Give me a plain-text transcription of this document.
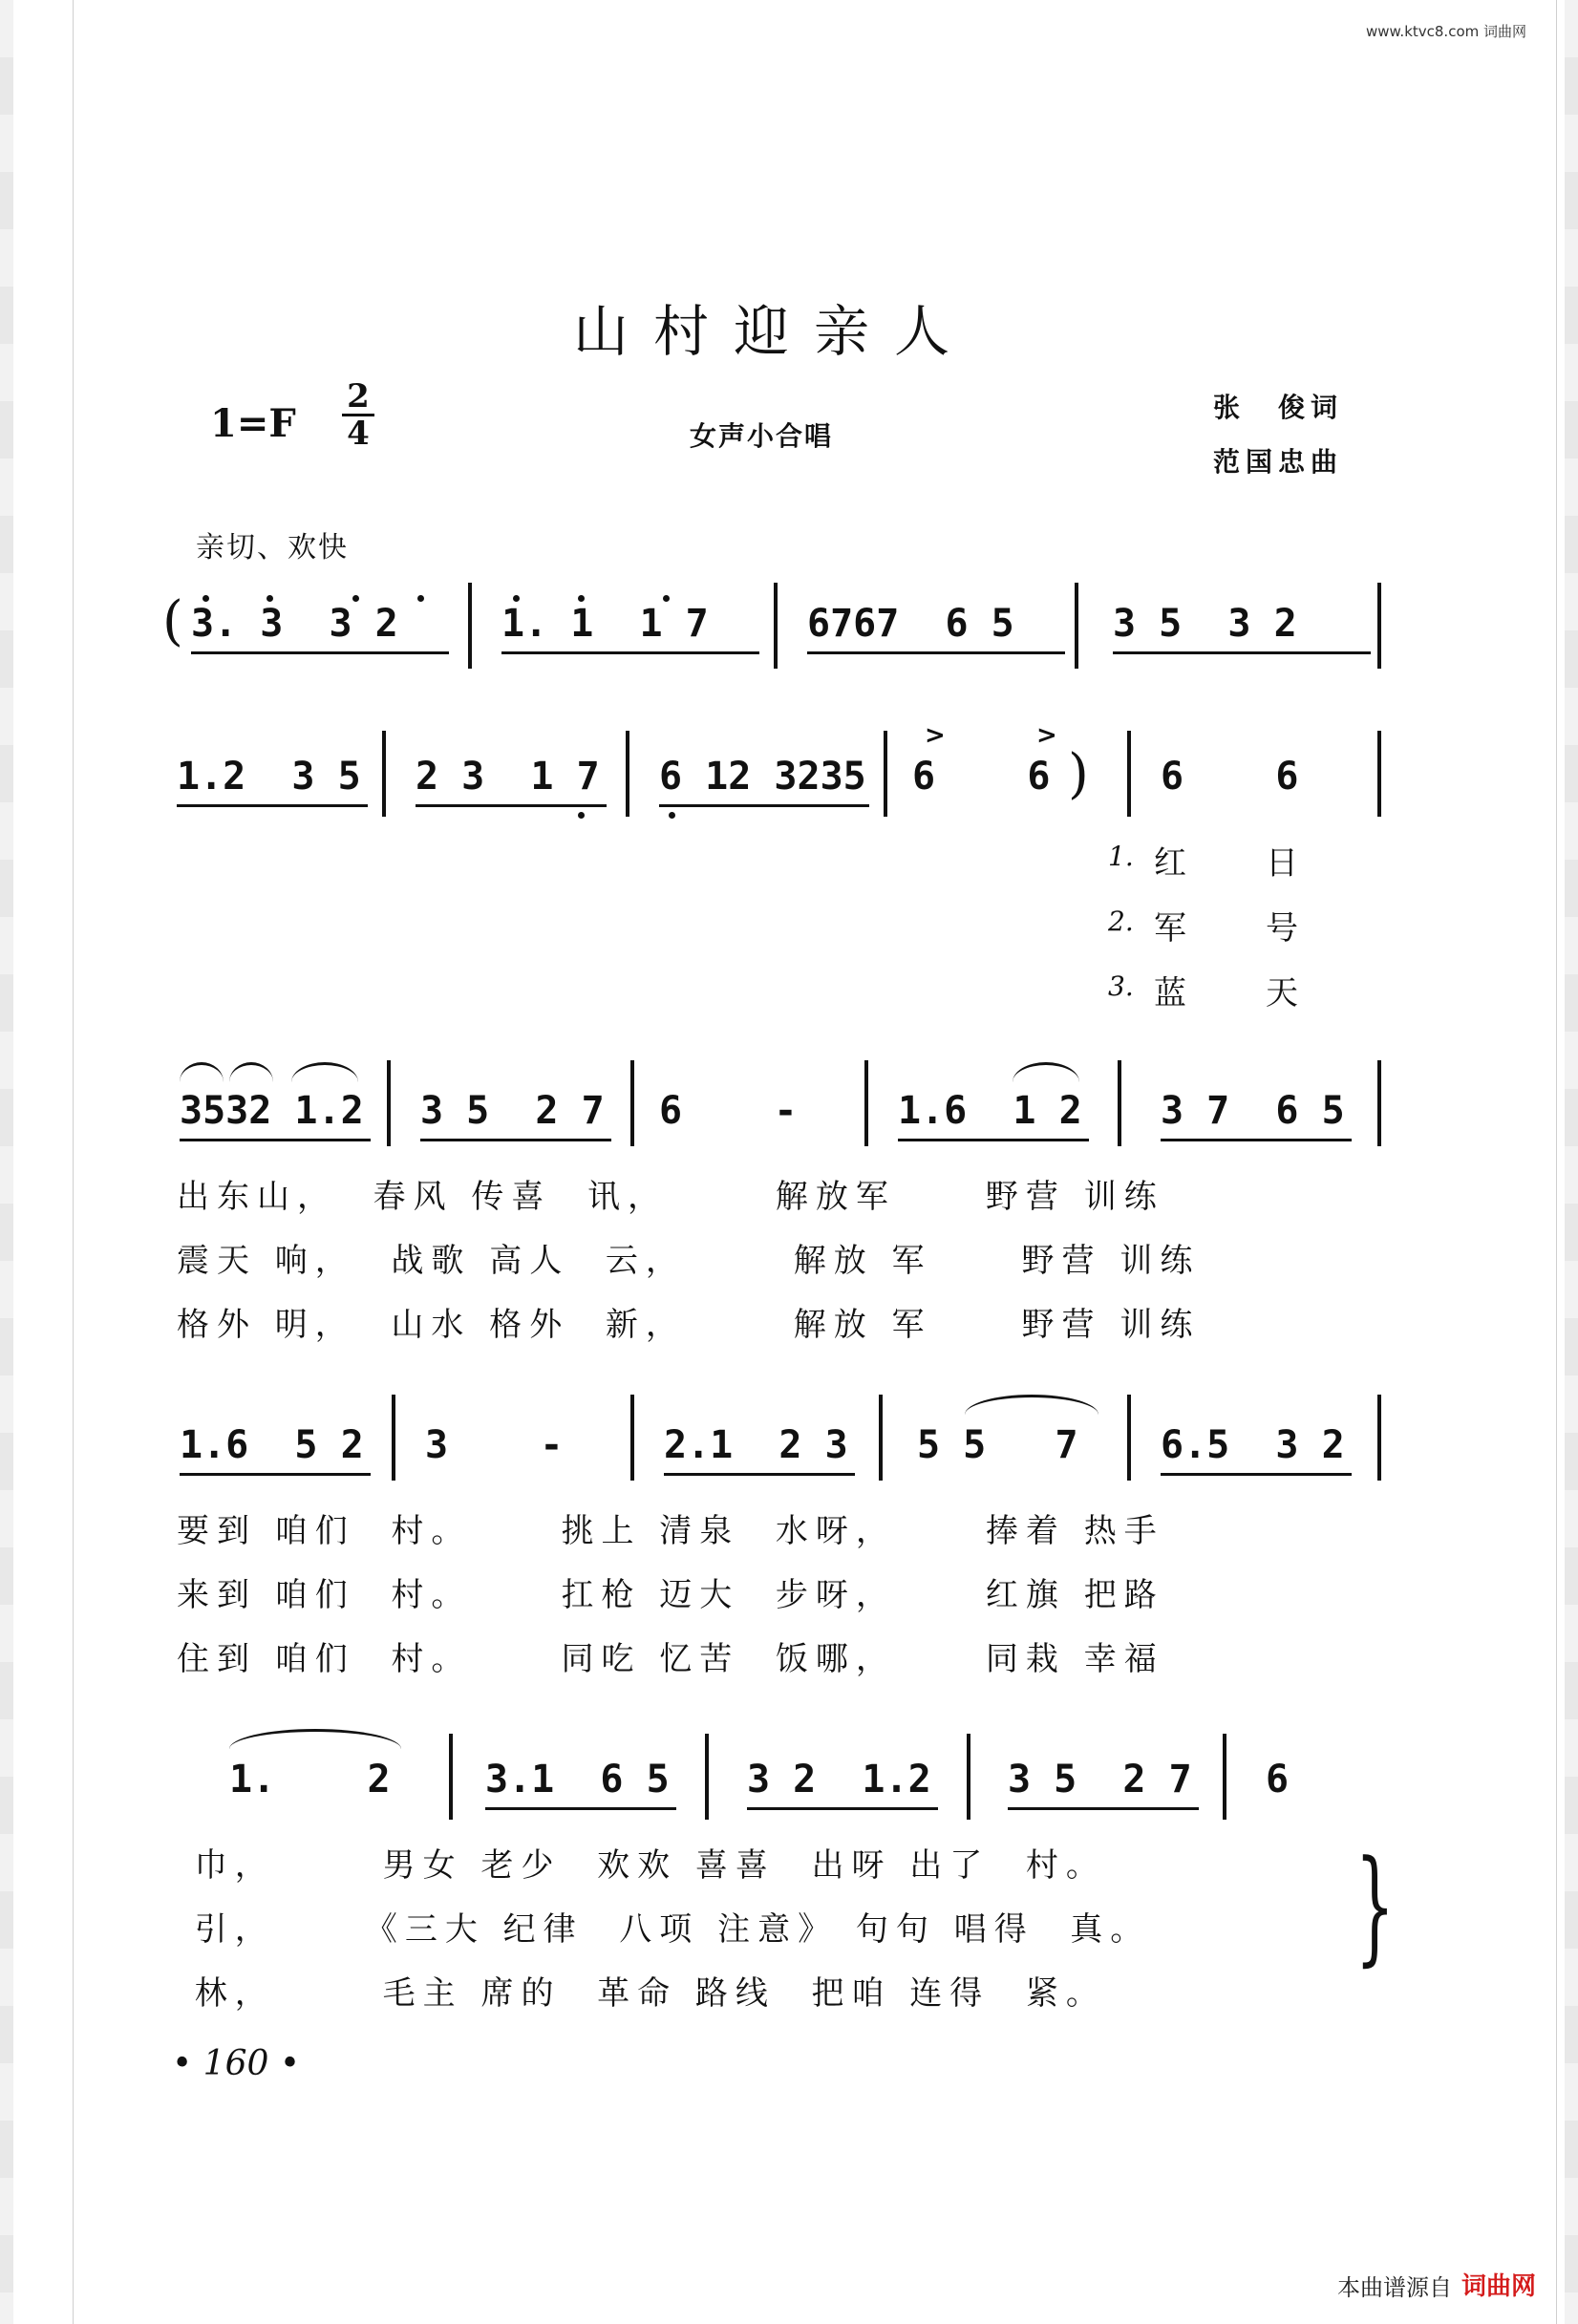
www.ktvc8.com 词曲网
山村迎亲人
1=F
2
4	女声小合唱
张　俊词
范国忠曲
亲切、欢快
( 3. 3  3 2	1. 1  1 7	6767  6 5	3 5  3 2
1.2  3 5 2 3  1 7 6 12 3235 6    6 ) 6    6
>	>
1. 红 日
2. 军 号
3. 蓝 天
3532 1.2 3 5  2 7 6    -	1.6  1 2 3 7  6 5
出东山，  春风 传喜  讯，      解放军     野营 训练
震天 响，  战歌 高人  云，      解放 军     野营 训练
格外 明，  山水 格外  新，      解放 军     野营 训练
1.6  5 2 3    -	2.1  2 3 5 5   7 6.5  3 2
要到 咱们  村。     挑上 清泉  水呀，     捧着 热手
来到 咱们  村。     扛枪 迈大  步呀，     红旗 把路
住到 咱们  村。     同吃 忆苦  饭哪，     同栽 幸福
1.    2 3.1  6 5 3 2  1.2 3 5  2 7 6
巾，      男女 老少  欢欢 喜喜  出呀 出了  村。
引，     《三大 纪律  八项 注意》 句句 唱得  真。
林，      毛主 席的  革命 路线  把咱 连得  紧。
}
• 160 •
本曲谱源自 词曲网
